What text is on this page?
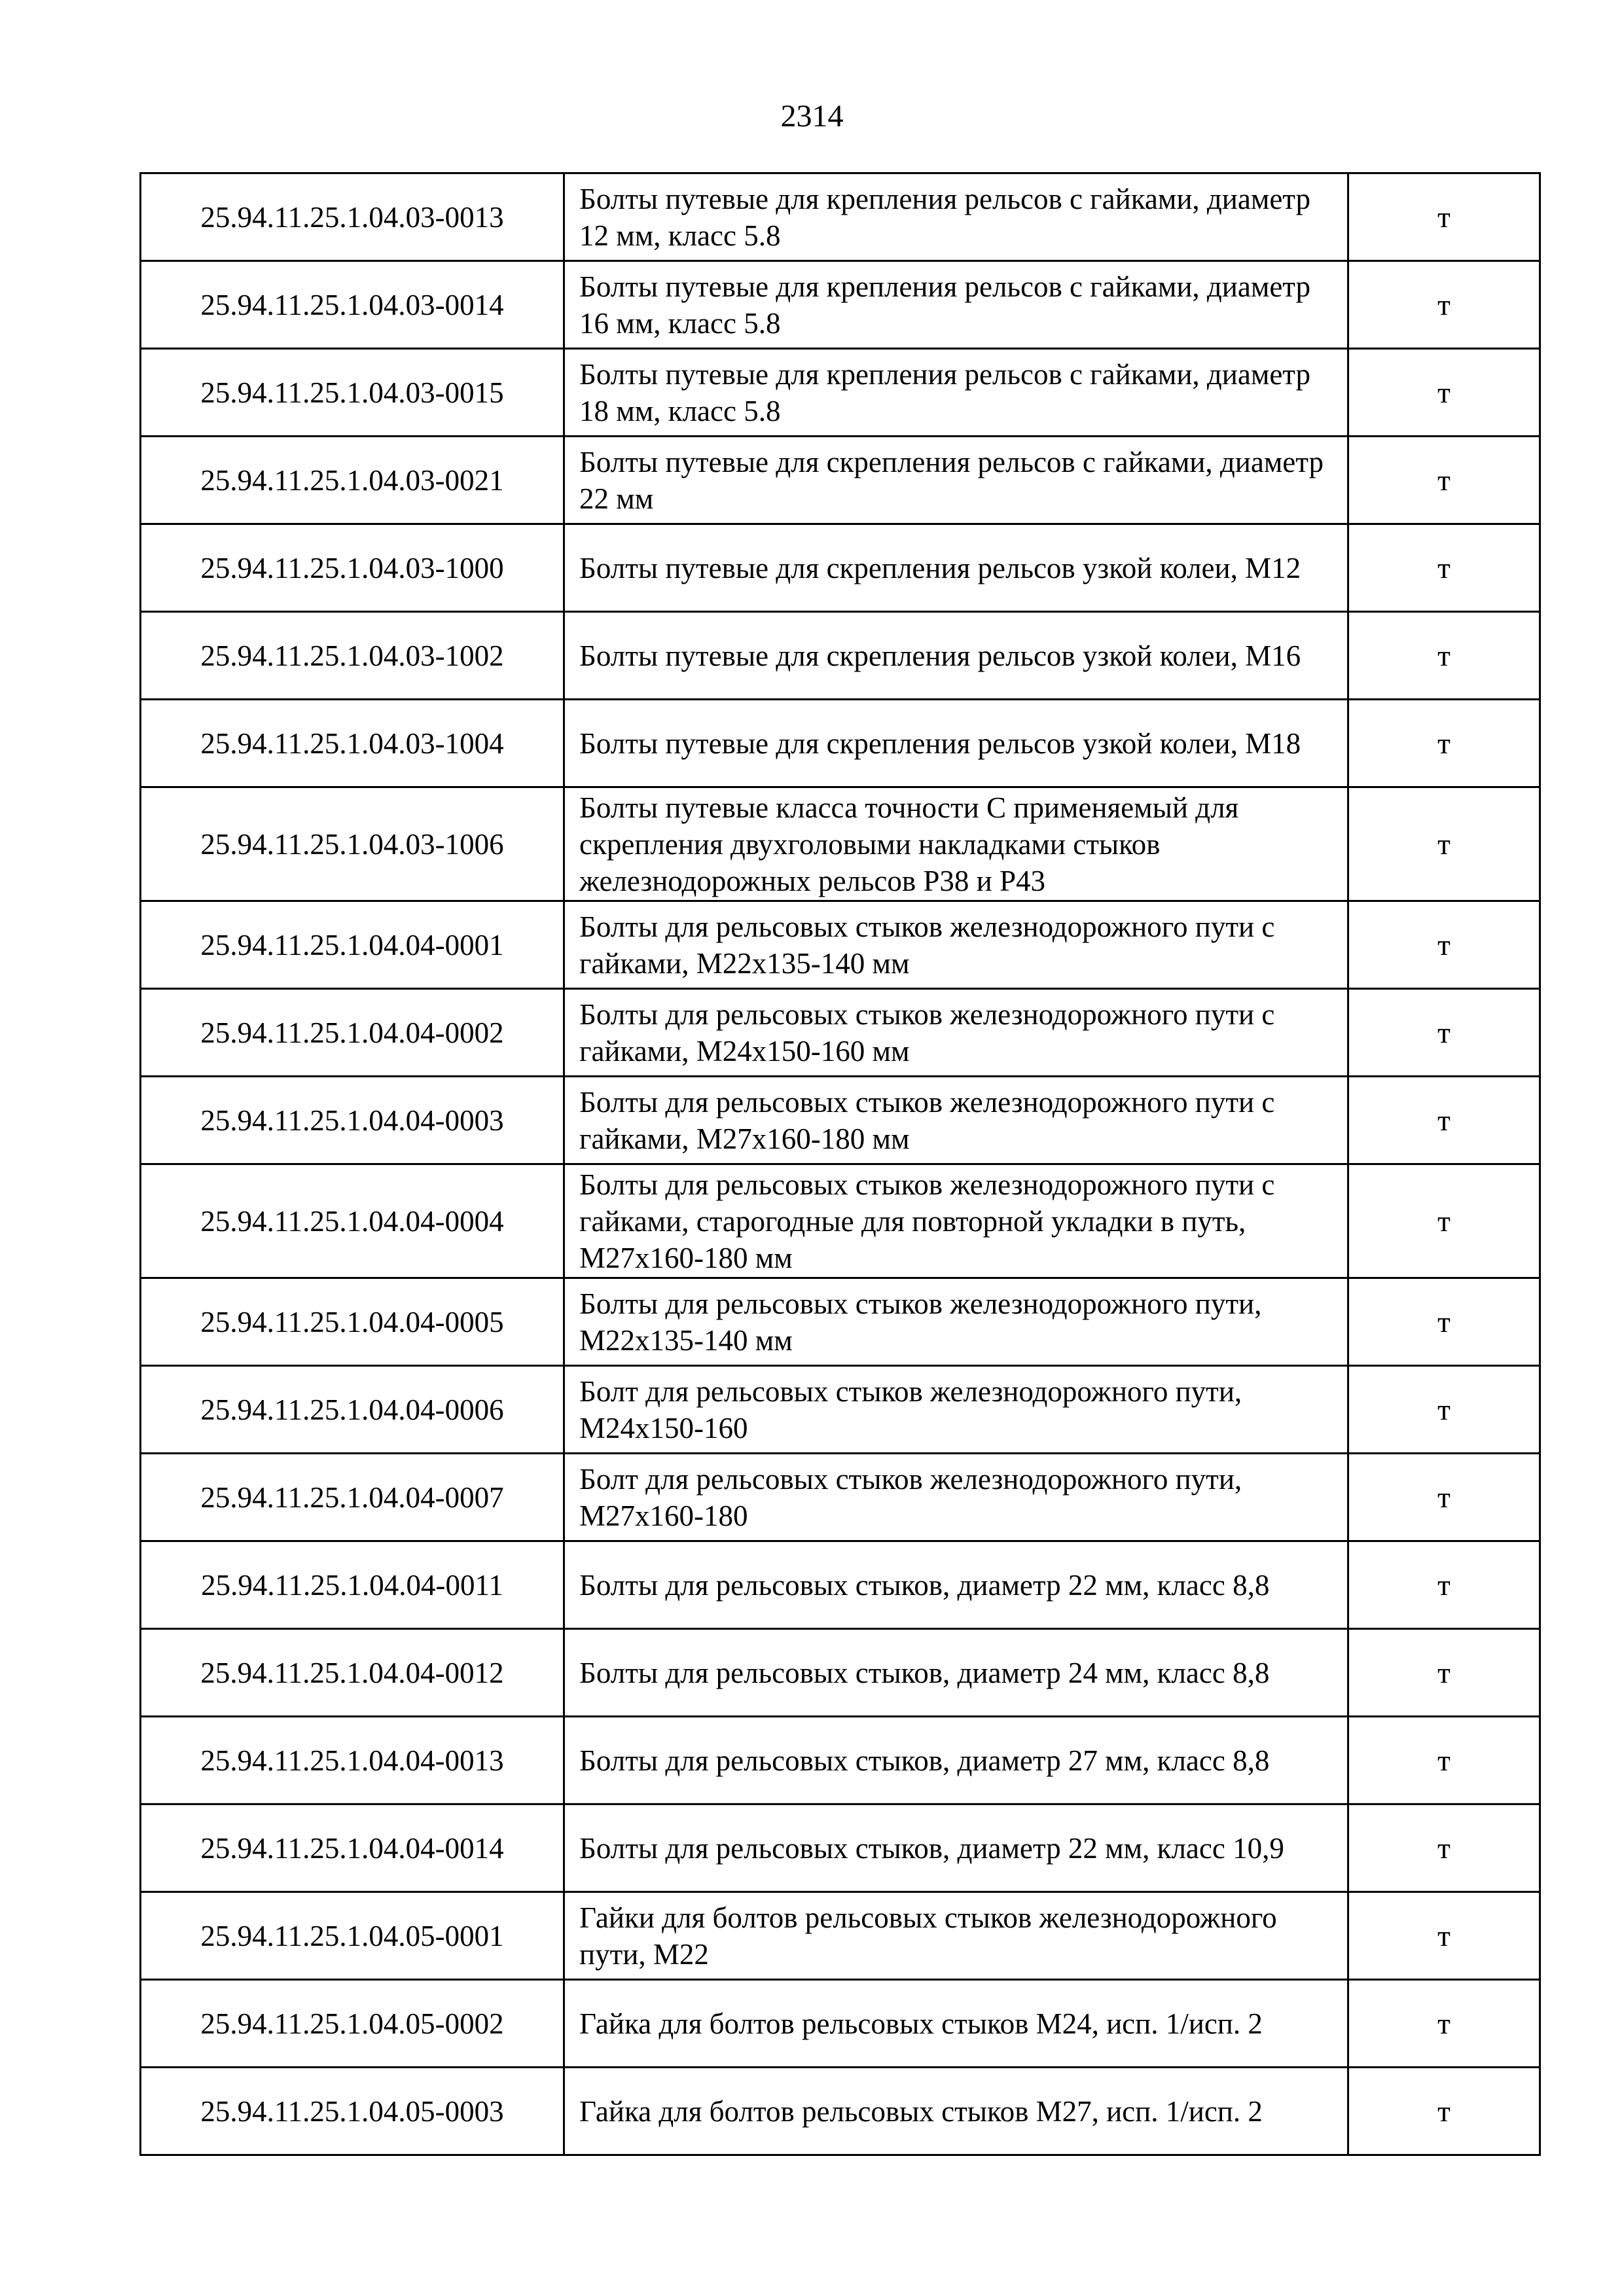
2314
25.94.11.25.1.04.03-0013	Болты путевые для крепления рельсов с гайками, диаметр 12 мм, класс 5.8	т
25.94.11.25.1.04.03-0014	Болты путевые для крепления рельсов с гайками, диаметр 16 мм, класс 5.8	т
25.94.11.25.1.04.03-0015	Болты путевые для крепления рельсов с гайками, диаметр 18 мм, класс 5.8	т
25.94.11.25.1.04.03-0021	Болты путевые для скрепления рельсов с гайками, диаметр 22 мм	т
25.94.11.25.1.04.03-1000	Болты путевые для скрепления рельсов узкой колеи, М12	т
25.94.11.25.1.04.03-1002	Болты путевые для скрепления рельсов узкой колеи, М16	т
25.94.11.25.1.04.03-1004	Болты путевые для скрепления рельсов узкой колеи, М18	т
25.94.11.25.1.04.03-1006	Болты путевые класса точности С применяемый для скрепления двухголовыми накладками стыков железнодорожных рельсов Р38 и Р43	т
25.94.11.25.1.04.04-0001	Болты для рельсовых стыков железнодорожного пути с гайками, М22х135-140 мм	т
25.94.11.25.1.04.04-0002	Болты для рельсовых стыков железнодорожного пути с гайками, М24х150-160 мм	т
25.94.11.25.1.04.04-0003	Болты для рельсовых стыков железнодорожного пути с гайками, М27х160-180 мм	т
25.94.11.25.1.04.04-0004	Болты для рельсовых стыков железнодорожного пути с гайками, старогодные для повторной укладки в путь, М27х160-180 мм	т
25.94.11.25.1.04.04-0005	Болты для рельсовых стыков железнодорожного пути, М22х135-140 мм	т
25.94.11.25.1.04.04-0006	Болт для рельсовых стыков железнодорожного пути, М24х150-160	т
25.94.11.25.1.04.04-0007	Болт для рельсовых стыков железнодорожного пути, М27х160-180	т
25.94.11.25.1.04.04-0011	Болты для рельсовых стыков, диаметр 22 мм, класс 8,8	т
25.94.11.25.1.04.04-0012	Болты для рельсовых стыков, диаметр 24 мм, класс 8,8	т
25.94.11.25.1.04.04-0013	Болты для рельсовых стыков, диаметр 27 мм, класс 8,8	т
25.94.11.25.1.04.04-0014	Болты для рельсовых стыков, диаметр 22 мм, класс 10,9	т
25.94.11.25.1.04.05-0001	Гайки для болтов рельсовых стыков железнодорожного пути, М22	т
25.94.11.25.1.04.05-0002	Гайка для болтов рельсовых стыков М24, исп. 1/исп. 2	т
25.94.11.25.1.04.05-0003	Гайка для болтов рельсовых стыков М27, исп. 1/исп. 2	т
